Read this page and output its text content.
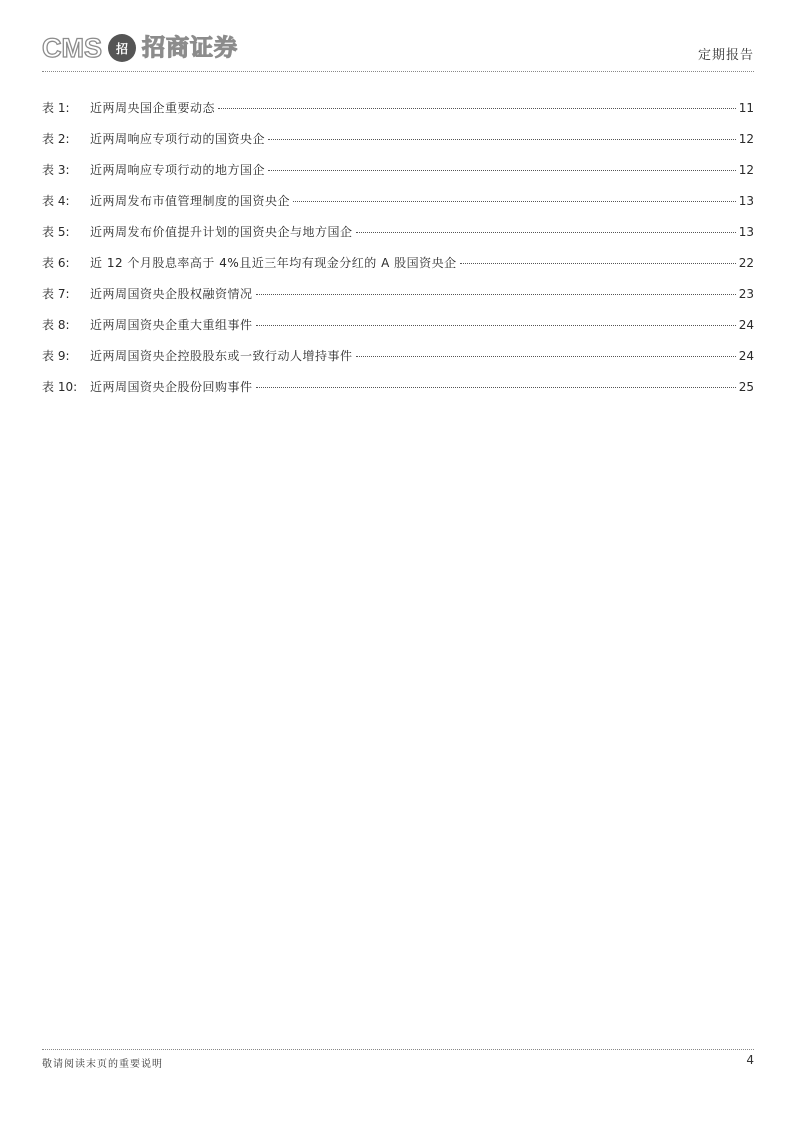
CMS	招 招商证券	定期报告
表 1:	近两周央国企重要动态	11
表 2:	近两周响应专项行动的国资央企	12
表 3:	近两周响应专项行动的地方国企	12
表 4:	近两周发布市值管理制度的国资央企	13
表 5:	近两周发布价值提升计划的国资央企与地方国企	13
表 6:	近 12 个月股息率高于 4%且近三年均有现金分红的 A 股国资央企	22
表 7:	近两周国资央企股权融资情况	23
表 8:	近两周国资央企重大重组事件	24
表 9:	近两周国资央企控股股东或一致行动人增持事件	24
表 10:	近两周国资央企股份回购事件	25
敬请阅读末页的重要说明	4
